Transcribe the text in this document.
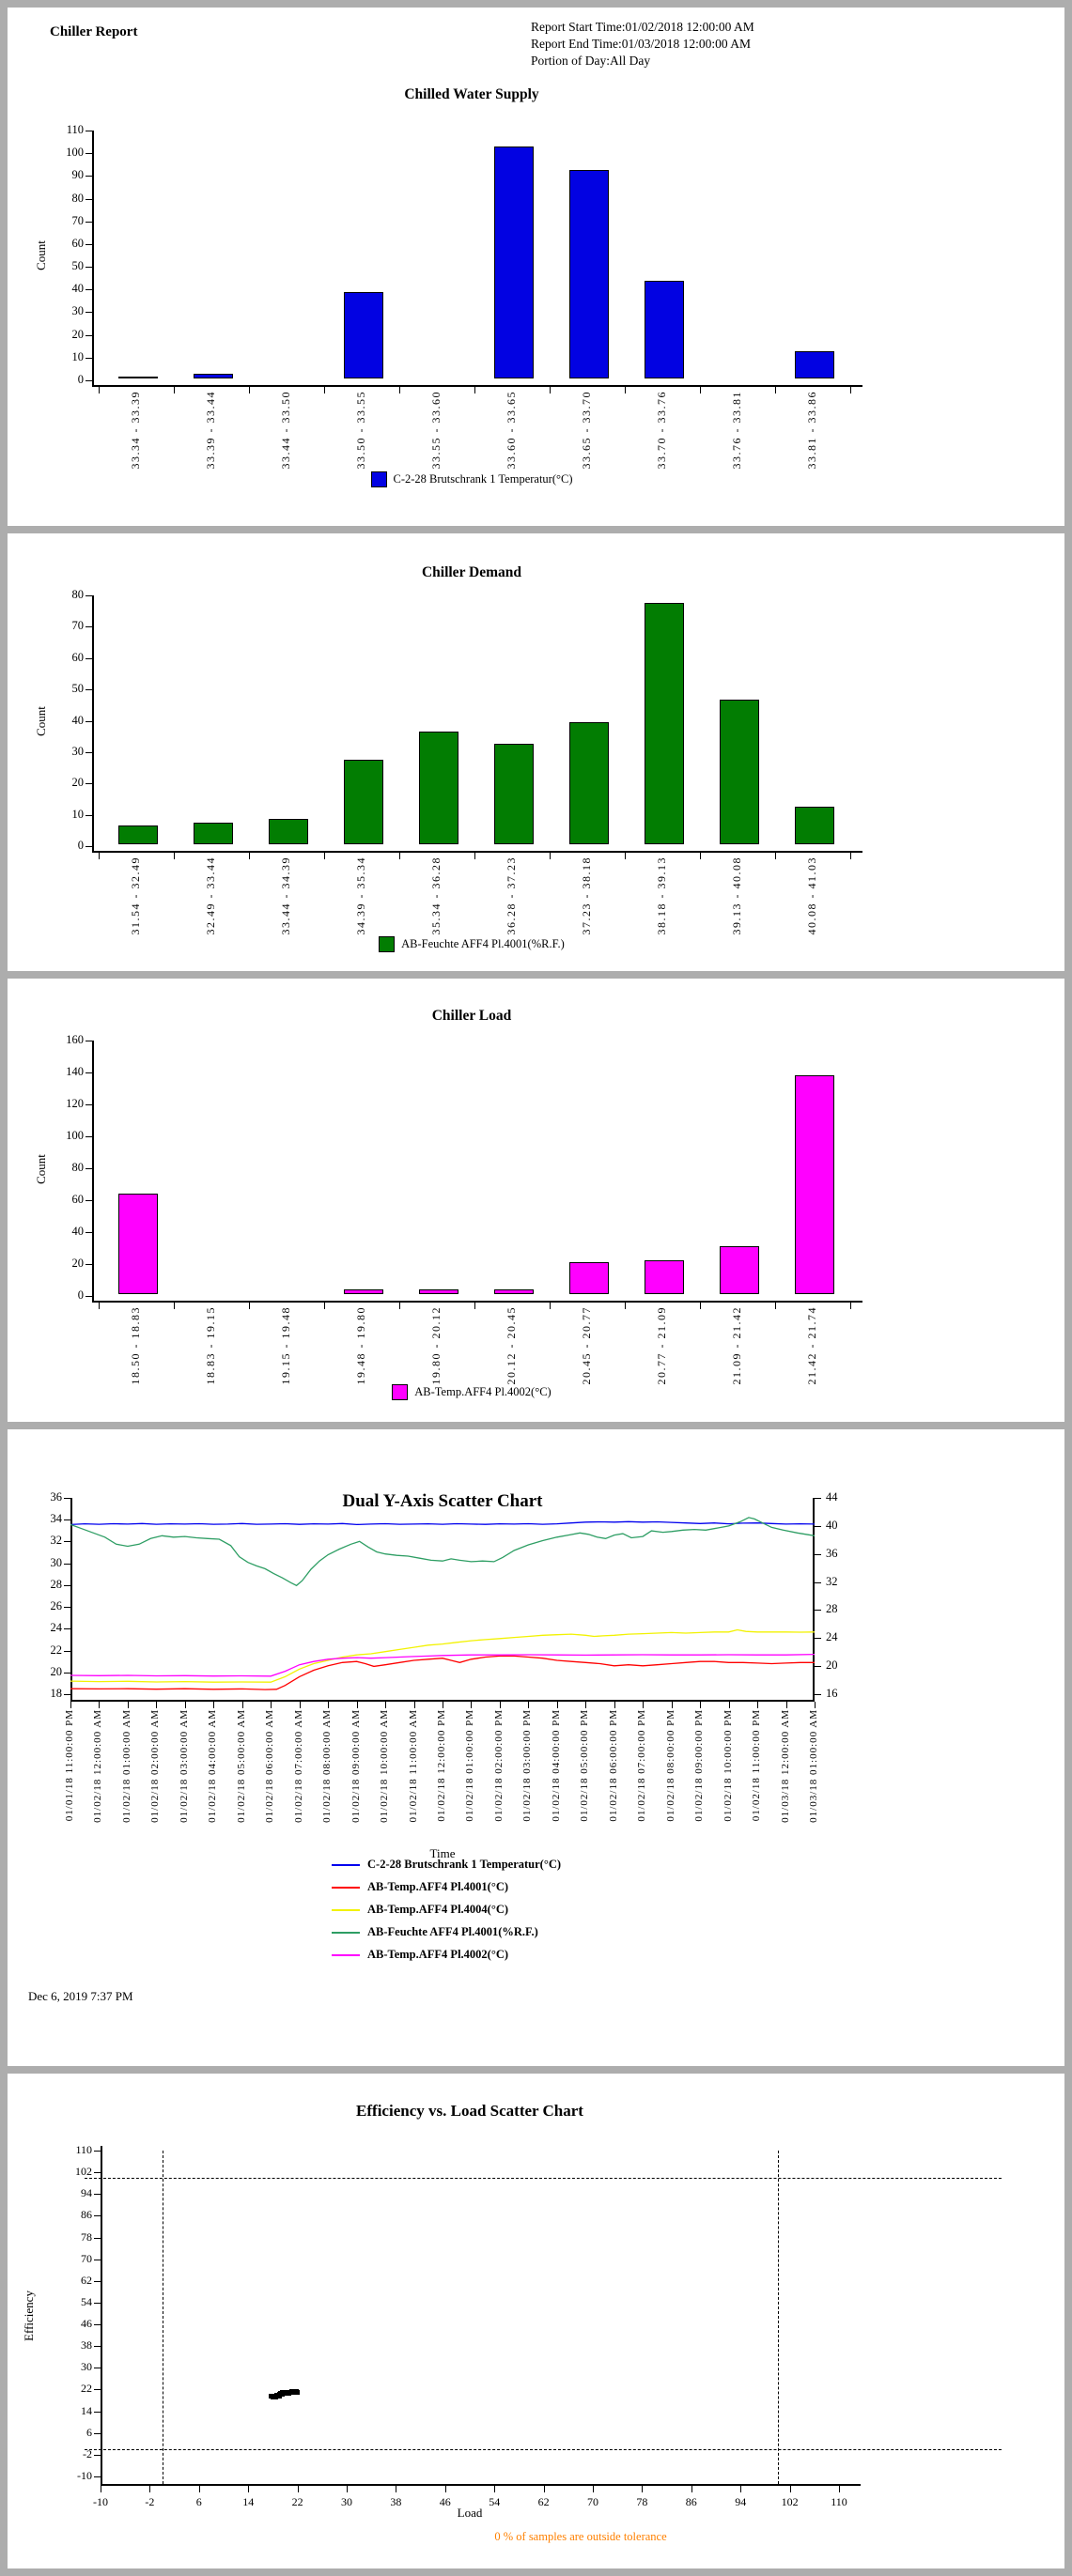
Chiller Report	Report Start Time:01/02/2018 12:00:00 AM
Report End Time:01/03/2018 12:00:00 AM
Portion of Day:All Day
Chilled Water Supply
Count
C-2-28 Brutschrank 1 Temperatur(°C)
0
10
20
30
40
50
60
70
80
90
100
110
33.34 - 33.39	33.39 - 33.44	33.44 - 33.50	33.50 - 33.55	33.55 - 33.60	33.60 - 33.65	33.65 - 33.70	33.70 - 33.76	33.76 - 33.81	33.81 - 33.86
Chiller Demand
Count
AB-Feuchte AFF4 Pl.4001(%R.F.)
0
10
20
30
40
50
60
70
80
31.54 - 32.49	32.49 - 33.44	33.44 - 34.39	34.39 - 35.34	35.34 - 36.28	36.28 - 37.23	37.23 - 38.18	38.18 - 39.13	39.13 - 40.08	40.08 - 41.03
Chiller Load
Count
AB-Temp.AFF4 Pl.4002(°C)
0
20
40
60
80
100
120
140
160
18.50 - 18.83	18.83 - 19.15	19.15 - 19.48	19.48 - 19.80	19.80 - 20.12	20.12 - 20.45	20.45 - 20.77	20.77 - 21.09	21.09 - 21.42	21.42 - 21.74
Dual Y-Axis Scatter Chart
Time
C-2-28 Brutschrank 1 Temperatur(°C)
AB-Temp.AFF4 Pl.4001(°C)
AB-Temp.AFF4 Pl.4004(°C)
AB-Feuchte AFF4 Pl.4001(%R.F.)
AB-Temp.AFF4 Pl.4002(°C)
Dec 6, 2019 7:37 PM
18
20
22
24
26
28
30
32
34
36
16
20
24
28
32
36
40
44
01/01/18 11:00:00 PM 01/02/18 12:00:00 AM 01/02/18 01:00:00 AM 01/02/18 02:00:00 AM 01/02/18 03:00:00 AM 01/02/18 04:00:00 AM 01/02/18 05:00:00 AM 01/02/18 06:00:00 AM 01/02/18 07:00:00 AM 01/02/18 08:00:00 AM 01/02/18 09:00:00 AM 01/02/18 10:00:00 AM 01/02/18 11:00:00 AM 01/02/18 12:00:00 PM 01/02/18 01:00:00 PM 01/02/18 02:00:00 PM 01/02/18 03:00:00 PM 01/02/18 04:00:00 PM 01/02/18 05:00:00 PM 01/02/18 06:00:00 PM 01/02/18 07:00:00 PM 01/02/18 08:00:00 PM 01/02/18 09:00:00 PM 01/02/18 10:00:00 PM 01/02/18 11:00:00 PM 01/03/18 12:00:00 AM 01/03/18 01:00:00 AM
Efficiency vs. Load Scatter Chart
Efficiency
Load
0 % of samples are outside tolerance
-10
-2
6
14
22
30
38
46
54
62
70
78
86
94
102
110
-10	-2	6	14	22	30	38	46	54	62	70	78	86	94	102	110
